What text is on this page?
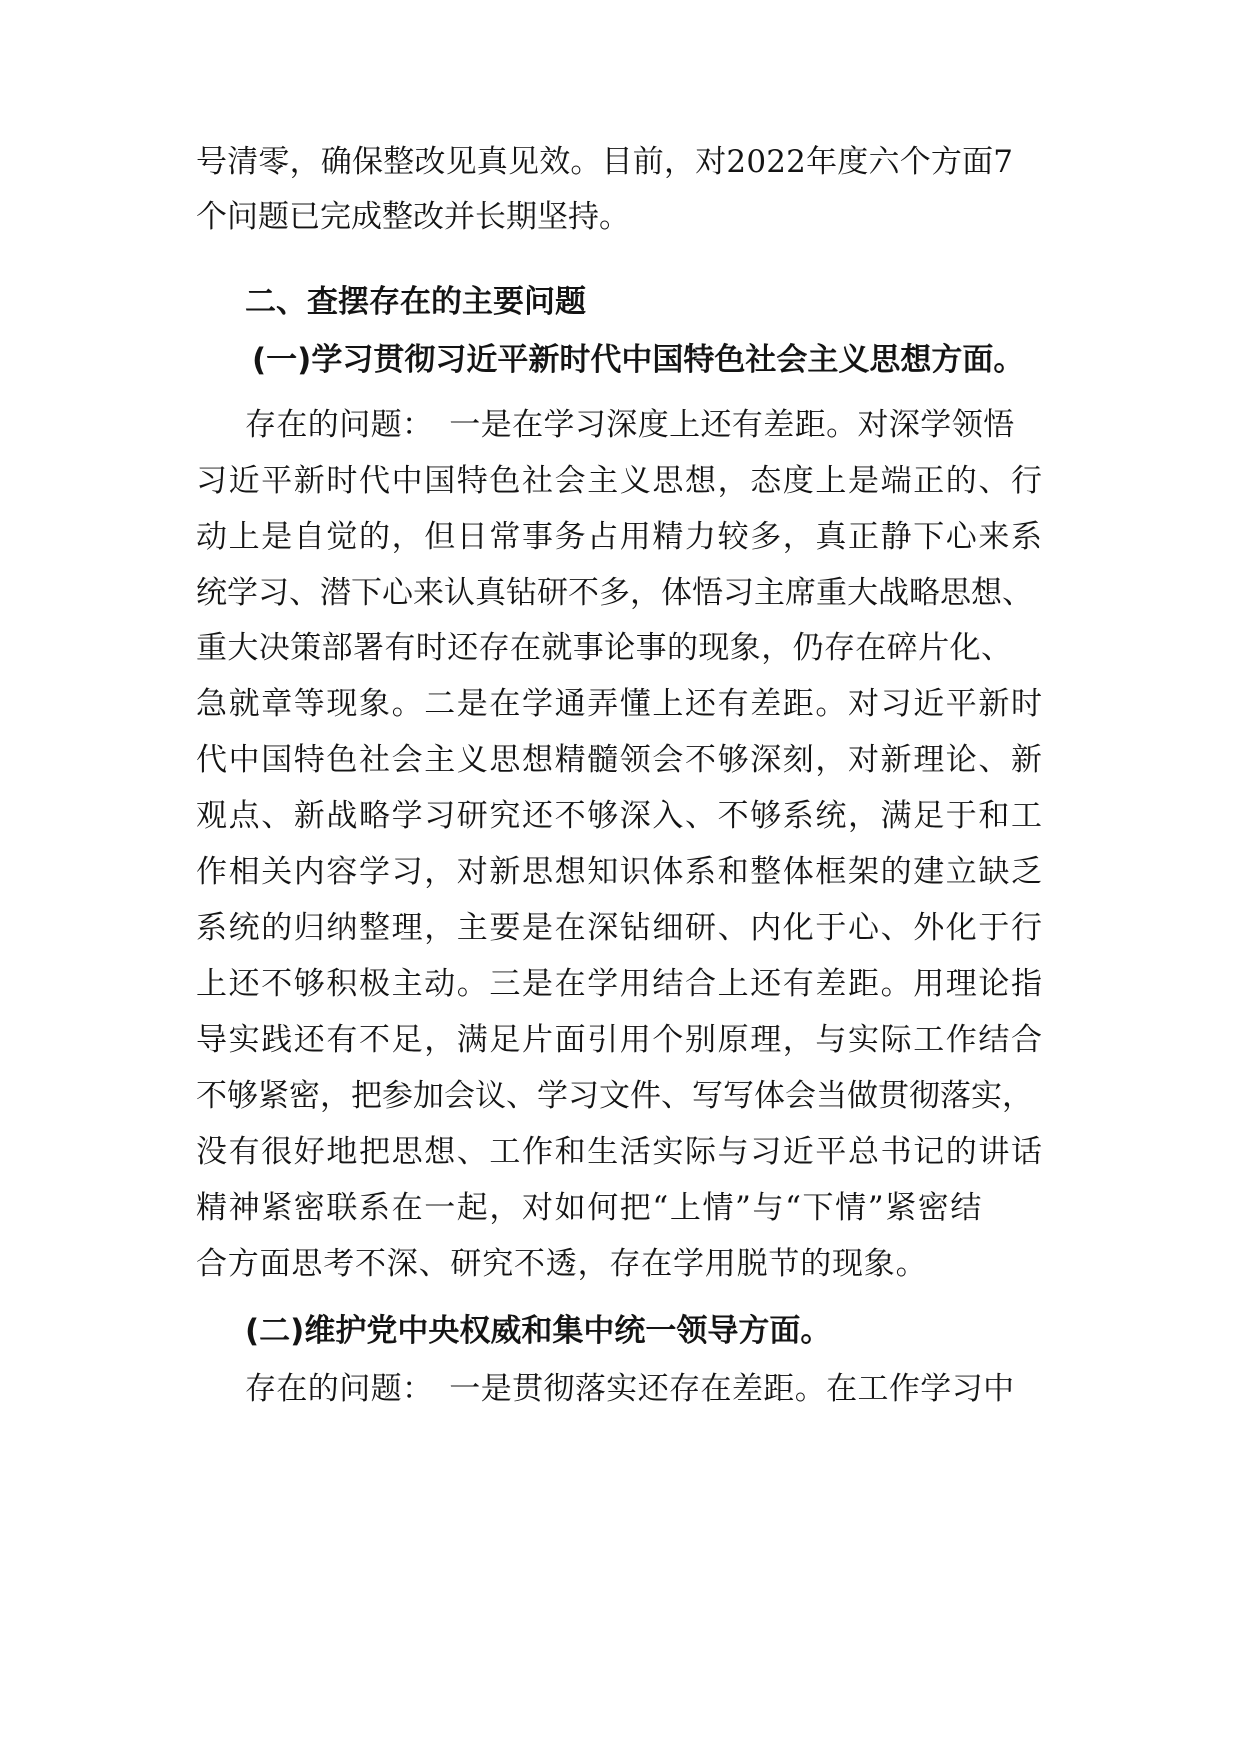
号清零，确保整改见真见效。目前，对2022年度六个方面7
个问题已完成整改并长期坚持。
二、查摆存在的主要问题
(一)学习贯彻习近平新时代中国特色社会主义思想方面。
存在的问题：　一是在学习深度上还有差距。对深学领悟
习近平新时代中国特色社会主义思想，态度上是端正的、行
动上是自觉的，但日常事务占用精力较多，真正静下心来系
统学习、潜下心来认真钻研不多，体悟习主席重大战略思想、
重大决策部署有时还存在就事论事的现象，仍存在碎片化、
急就章等现象。二是在学通弄懂上还有差距。对习近平新时
代中国特色社会主义思想精髓领会不够深刻，对新理论、新
观点、新战略学习研究还不够深入、不够系统，满足于和工
作相关内容学习，对新思想知识体系和整体框架的建立缺乏
系统的归纳整理，主要是在深钻细研、内化于心、外化于行
上还不够积极主动。三是在学用结合上还有差距。用理论指
导实践还有不足，满足片面引用个别原理，与实际工作结合
不够紧密，把参加会议、学习文件、写写体会当做贯彻落实，
没有很好地把思想、工作和生活实际与习近平总书记的讲话
精神紧密联系在一起，对如何把“上情”与“下情”紧密结
合方面思考不深、研究不透，存在学用脱节的现象。
(二)维护党中央权威和集中统一领导方面。
存在的问题：　一是贯彻落实还存在差距。在工作学习中
